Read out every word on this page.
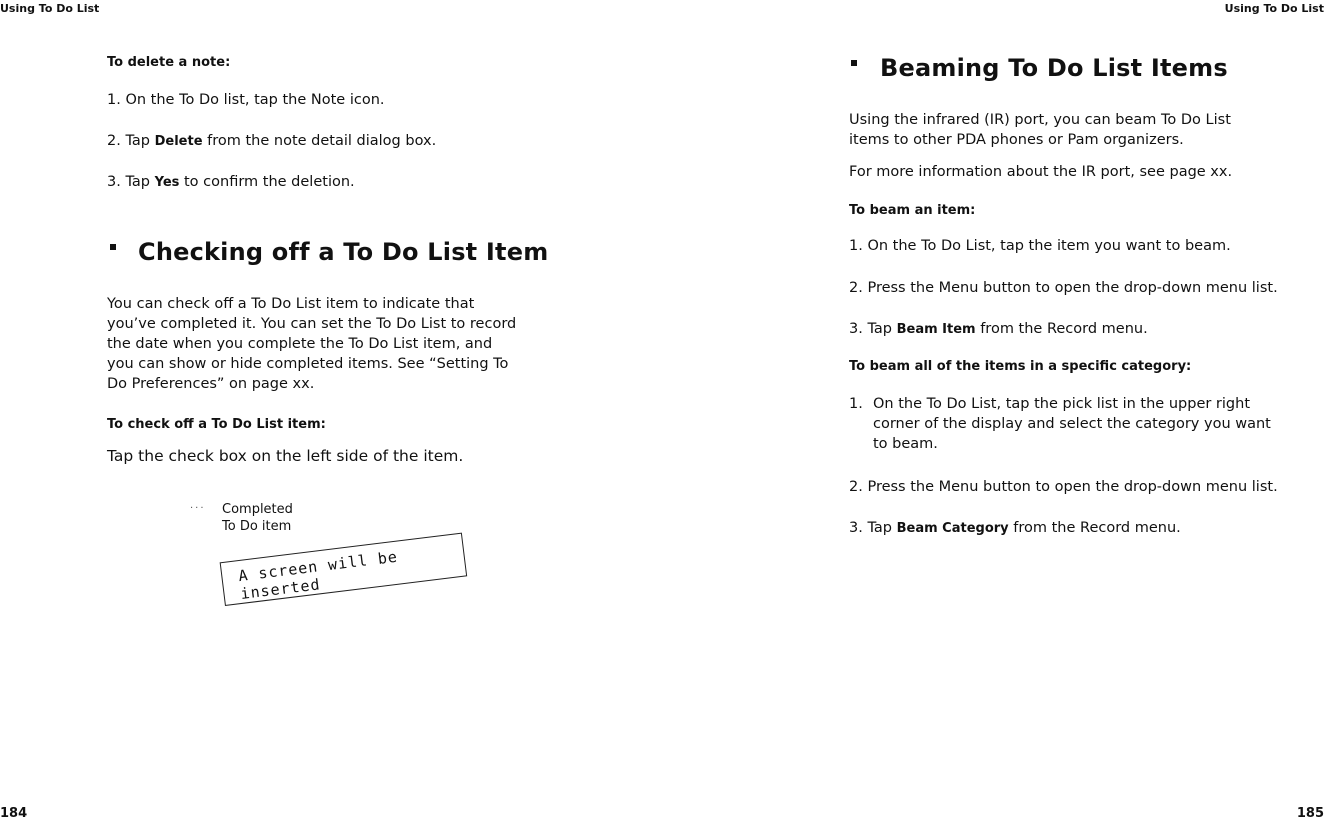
Using To Do List
To delete a note:
1. On the To Do list, tap the Note icon.
2. Tap Delete from the note detail dialog box.
3. Tap Yes to confirm the deletion.
Checking off a To Do List Item
You can check off a To Do List item to indicate that
you’ve completed it. You can set the To Do List to record
the date when you complete the To Do List item, and
you can show or hide completed items. See “Setting To
Do Preferences” on page xx.
To check off a To Do List item:
Tap the check box on the left side of the item.
··· Completed
To Do item
A screen will be inserted
184
Using To Do List
Beaming To Do List Items
Using the infrared (IR) port, you can beam To Do List
items to other PDA phones or Pam organizers.
For more information about the IR port, see page xx.
To beam an item:
1. On the To Do List, tap the item you want to beam.
2. Press the Menu button to open the drop-down menu list.
3. Tap Beam Item from the Record menu.
To beam all of the items in a specific category:
1. On the To Do List, tap the pick list in the upper right
corner of the display and select the category you want
to beam.
2. Press the Menu button to open the drop-down menu list.
3. Tap Beam Category from the Record menu.
185
